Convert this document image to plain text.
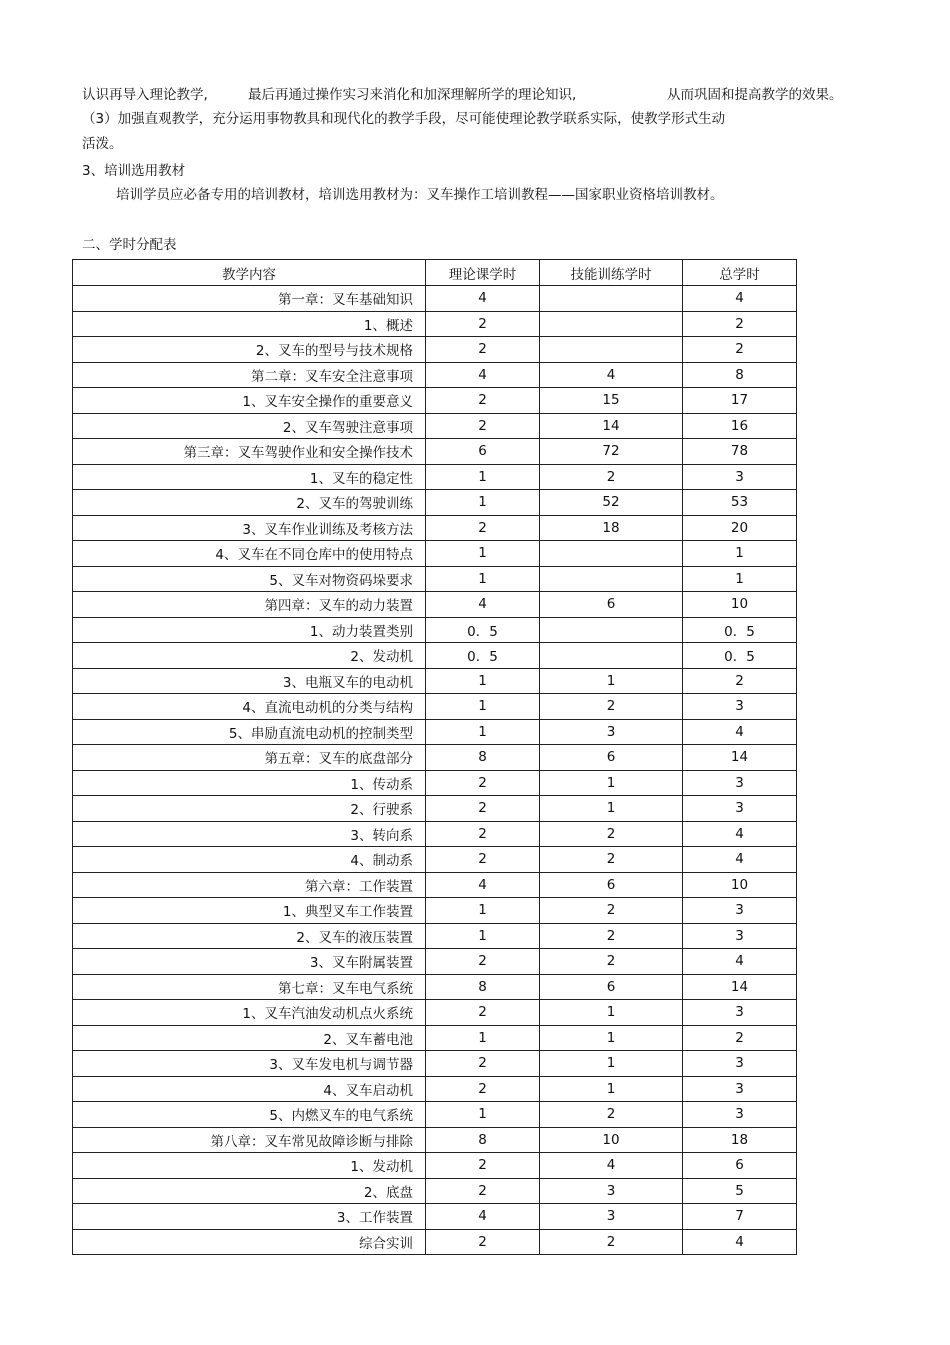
认识再导入理论教学,

	最后再通过操作实习来消化和加深理解所学的理论知识,

	从而巩固和提高教学的效果。

（3）加强直观教学，充分运用事物教具和现代化的教学手段，尽可能使理论教学联系实际，使教学形式生动
活泼。
3、培训选用教材
培训学员应必备专用的培训教材，培训选用教材为：叉车操作工培训教程——国家职业资格培训教材。
二、学时分配表
教学内容	理论课学时	技能训练学时	总学时
第一章：叉车基础知识	4		4
1、概述	2		2
2、叉车的型号与技术规格	2		2
第二章：叉车安全注意事项	4	4	8
1、叉车安全操作的重要意义	2	15	17
2、叉车驾驶注意事项	2	14	16
第三章：叉车驾驶作业和安全操作技术	6	72	78
1、叉车的稳定性	1	2	3
2、叉车的驾驶训练	1	52	53
3、叉车作业训练及考核方法	2	18	20
4、叉车在不同仓库中的使用特点	1		1
5、叉车对物资码垛要求	1		1
第四章：叉车的动力装置	4	6	10
1、动力装置类别	0．5		0．5
2、发动机	0．5		0．5
3、电瓶叉车的电动机	1	1	2
4、直流电动机的分类与结构	1	2	3
5、串励直流电动机的控制类型	1	3	4
第五章：叉车的底盘部分	8	6	14
1、传动系	2	1	3
2、行驶系	2	1	3
3、转向系	2	2	4
4、制动系	2	2	4
第六章：工作装置	4	6	10
1、典型叉车工作装置	1	2	3
2、叉车的液压装置	1	2	3
3、叉车附属装置	2	2	4
第七章：叉车电气系统	8	6	14
1、叉车汽油发动机点火系统	2	1	3
2、叉车蓄电池	1	1	2
3、叉车发电机与调节器	2	1	3
4、叉车启动机	2	1	3
5、内燃叉车的电气系统	1	2	3
第八章：叉车常见故障诊断与排除	8	10	18
1、发动机	2	4	6
2、底盘	2	3	5
3、工作装置	4	3	7
综合实训	2	2	4
